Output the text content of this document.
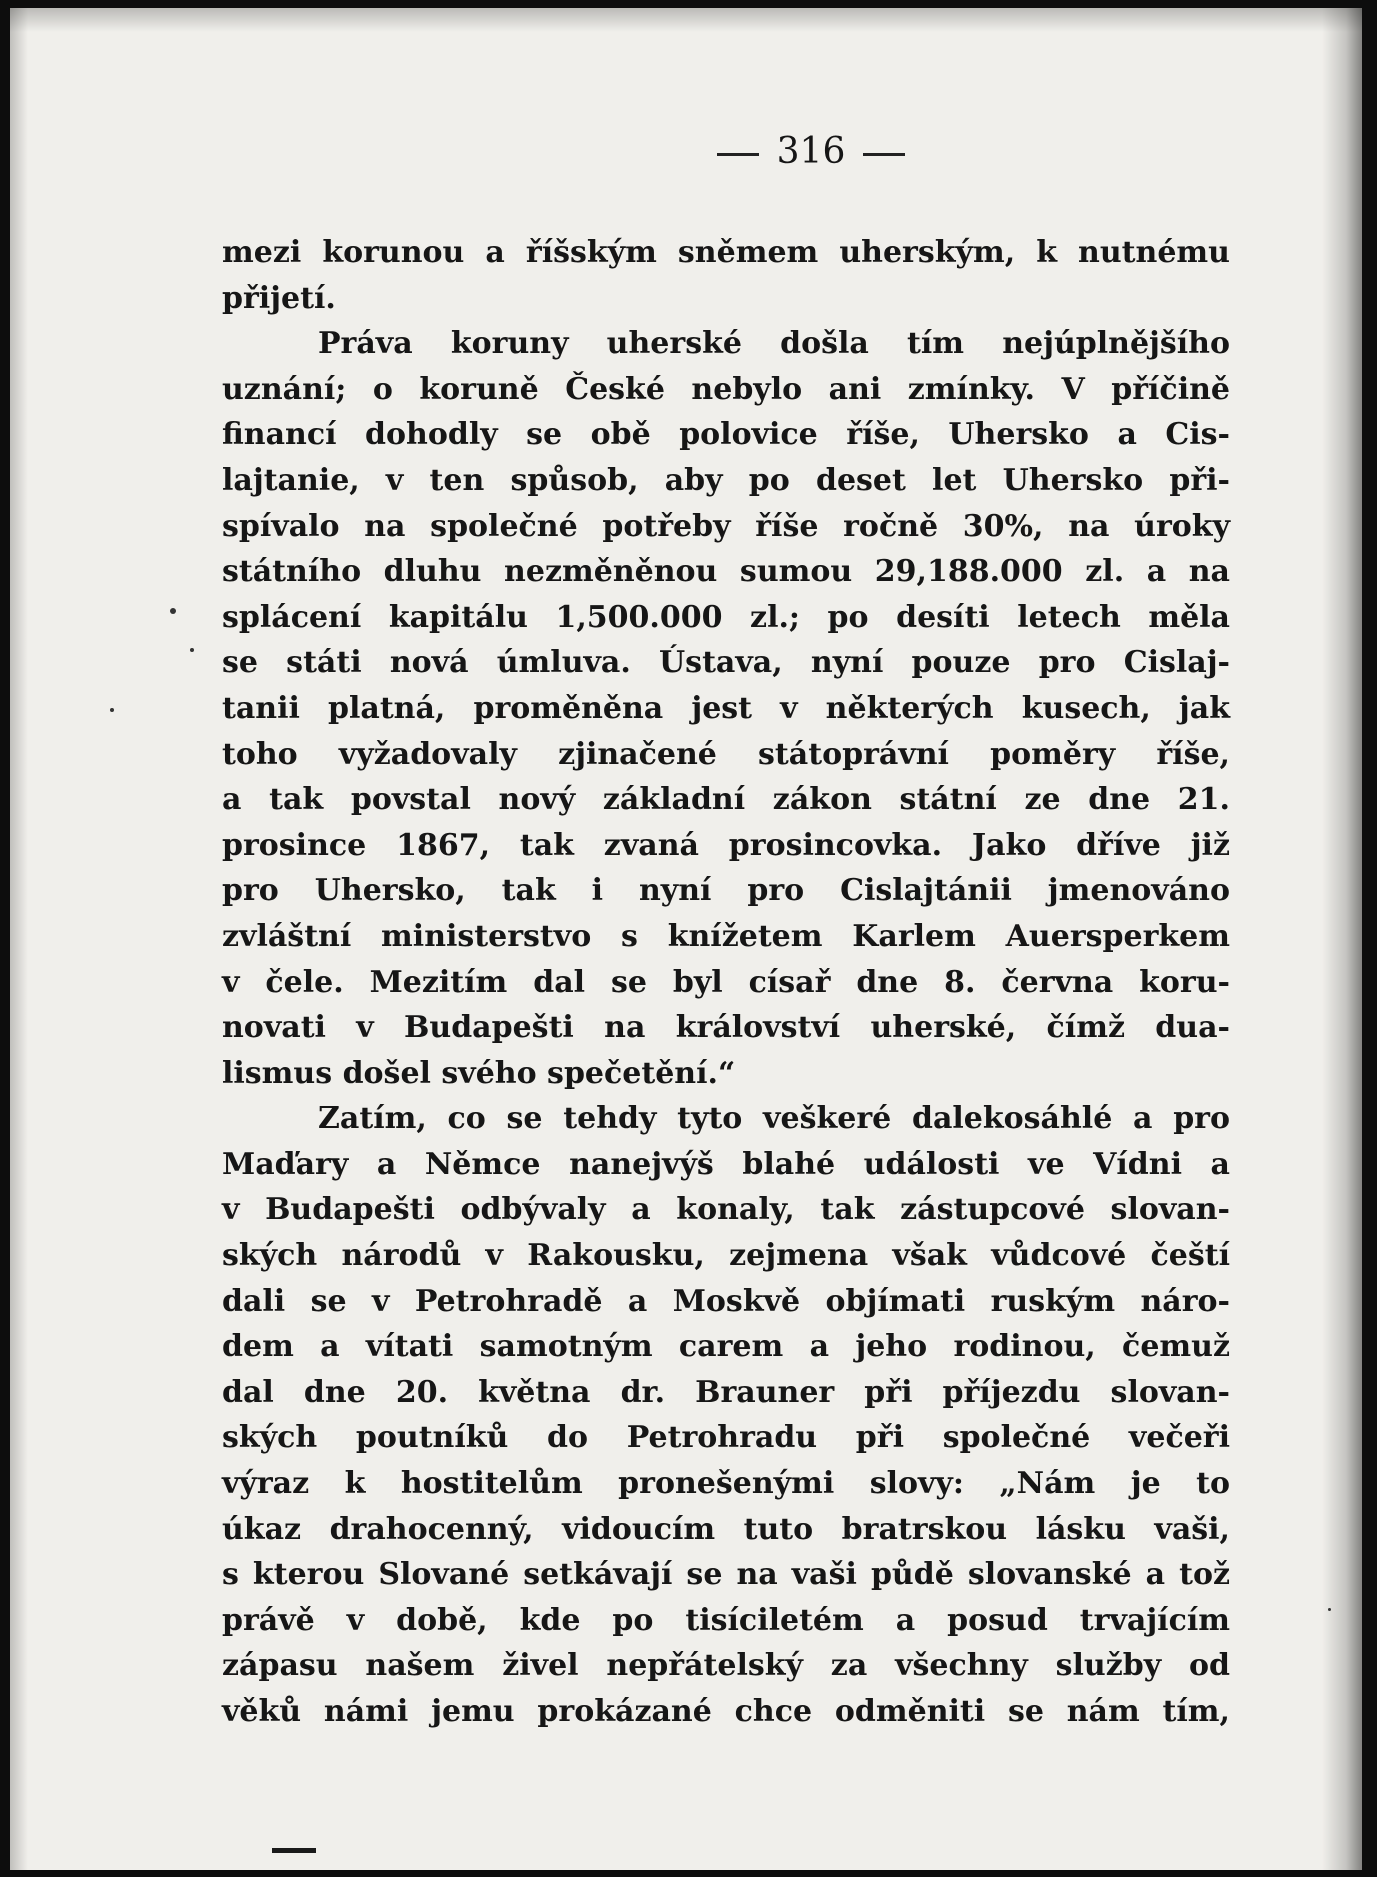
316
mezi korunou a říšským sněmem uherským, k nutnému
přijetí.
Práva koruny uherské došla tím nejúplnějšího
uznání; o koruně České nebylo ani zmínky. V příčině
financí dohodly se obě polovice říše, Uhersko a Cis-
lajtanie, v ten spůsob, aby po deset let Uhersko při-
spívalo na společné potřeby říše ročně 30%, na úroky
státního dluhu nezměněnou sumou 29,188.000 zl. a na
splácení kapitálu 1,500.000 zl.; po desíti letech měla
se státi nová úmluva. Ústava, nyní pouze pro Cislaj-
tanii platná, proměněna jest v některých kusech, jak
toho vyžadovaly zjinačené státoprávní poměry říše,
a tak povstal nový základní zákon státní ze dne 21.
prosince 1867, tak zvaná prosincovka. Jako dříve již
pro Uhersko, tak i nyní pro Cislajtánii jmenováno
zvláštní ministerstvo s knížetem Karlem Auersperkem
v čele. Mezitím dal se byl císař dne 8. června koru-
novati v Budapešti na království uherské, čímž dua-
lismus došel svého spečetění.“
Zatím, co se tehdy tyto veškeré dalekosáhlé a pro
Maďary a Němce nanejvýš blahé události ve Vídni a
v Budapešti odbývaly a konaly, tak zástupcové slovan-
ských národů v Rakousku, zejmena však vůdcové čeští
dali se v Petrohradě a Moskvě objímati ruským náro-
dem a vítati samotným carem a jeho rodinou, čemuž
dal dne 20. května dr. Brauner při příjezdu slovan-
ských poutníků do Petrohradu při společné večeři
výraz k hostitelům pronešenými slovy: „Nám je to
úkaz drahocenný, vidoucím tuto bratrskou lásku vaši,
s kterou Slované setkávají se na vaši půdě slovanské a tož
právě v době, kde po tisíciletém a posud trvajícím
zápasu našem živel nepřátelský za všechny služby od
věků námi jemu prokázané chce odměniti se nám tím,
